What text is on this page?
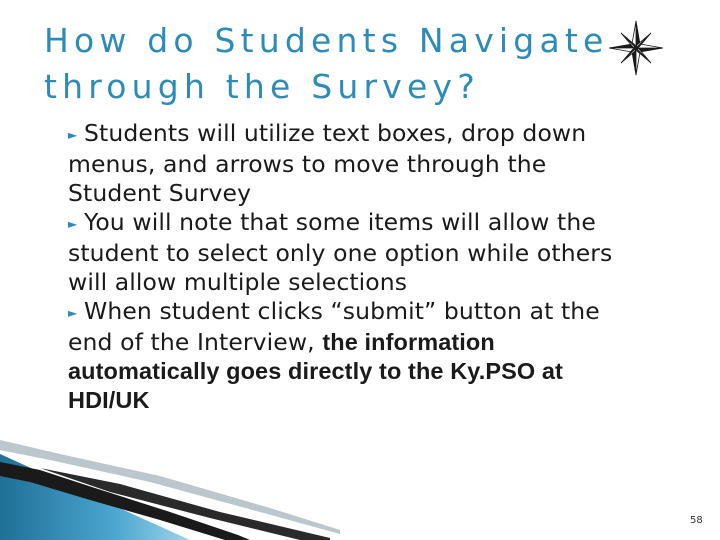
How do Students Navigate
through the Survey?

► Students will utilize text boxes, drop down
menus, and arrows to move through the
Student Survey

► You will note that some items will allow the
student to select only one option while others
will allow multiple selections

► When student clicks “submit” button at the
end of the Interview, the information
automatically goes directly to the Ky.PSO at
HDI/UK

58
